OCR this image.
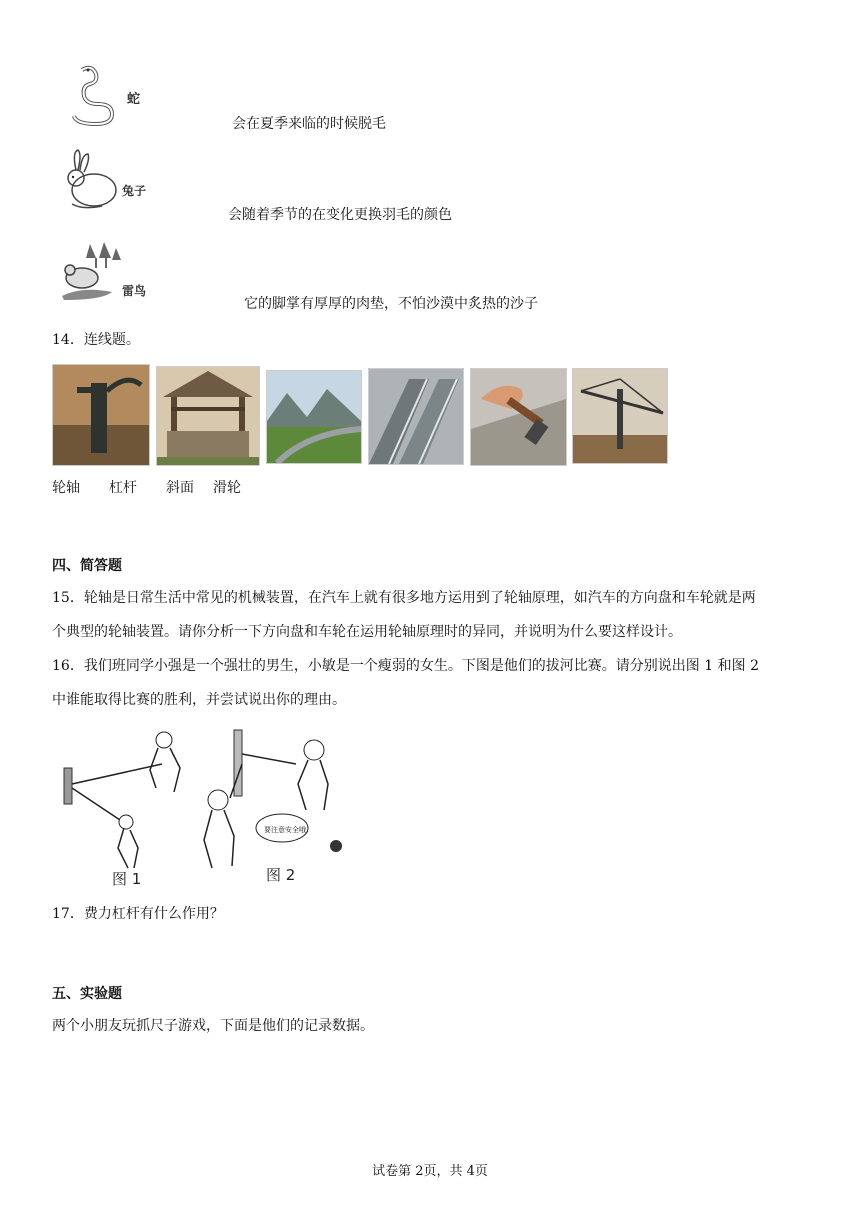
蛇
会在夏季来临的时候脱毛
兔子
会随着季节的在变化更换羽毛的颜色
雷鸟
它的脚掌有厚厚的肉垫，不怕沙漠中炙热的沙子
14．连线题。
轮轴 杠杆 斜面 滑轮
四、简答题
15．轮轴是日常生活中常见的机械装置，在汽车上就有很多地方运用到了轮轴原理，如汽车的方向盘和车轮就是两
个典型的轮轴装置。请你分析一下方向盘和车轮在运用轮轴原理时的异同，并说明为什么要这样设计。
16．我们班同学小强是一个强壮的男生，小敏是一个瘦弱的女生。下图是他们的拔河比赛。请分别说出图 1 和图 2
中谁能取得比赛的胜利，并尝试说出你的理由。
图 1
要注意安全哦！
图 2
17．费力杠杆有什么作用？
五、实验题
两个小朋友玩抓尺子游戏，下面是他们的记录数据。
试卷第 2页，共 4页
